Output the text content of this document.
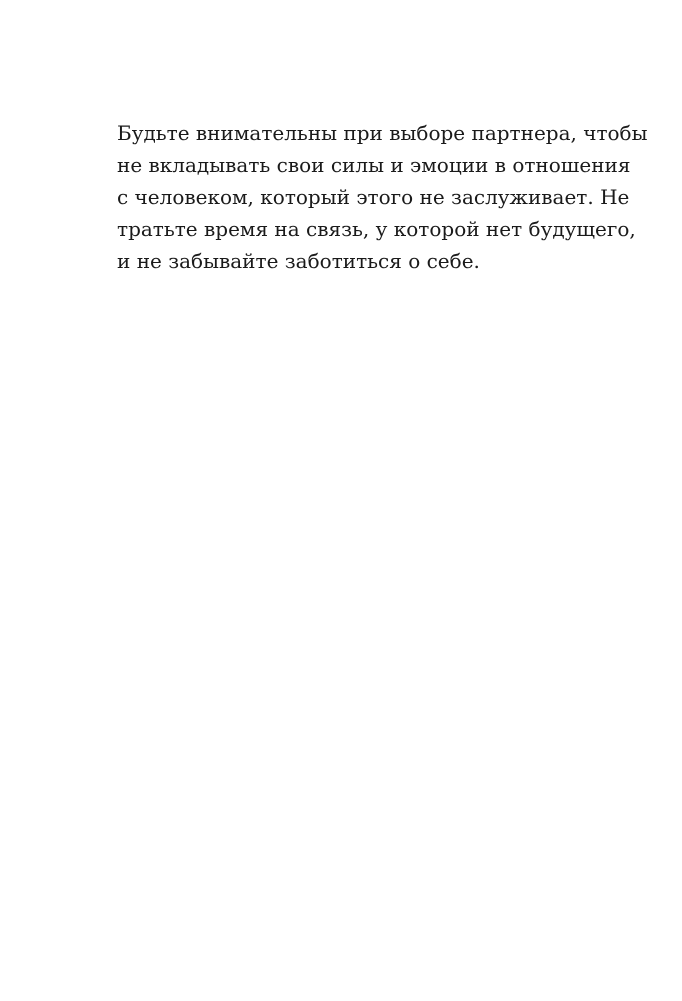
Будьте внимательны при выборе партнера, чтобы
не вкладывать свои силы и эмоции в отношения
с человеком, который этого не заслуживает. Не
тратьте время на связь, у которой нет будущего,
и не забывайте заботиться о себе.
